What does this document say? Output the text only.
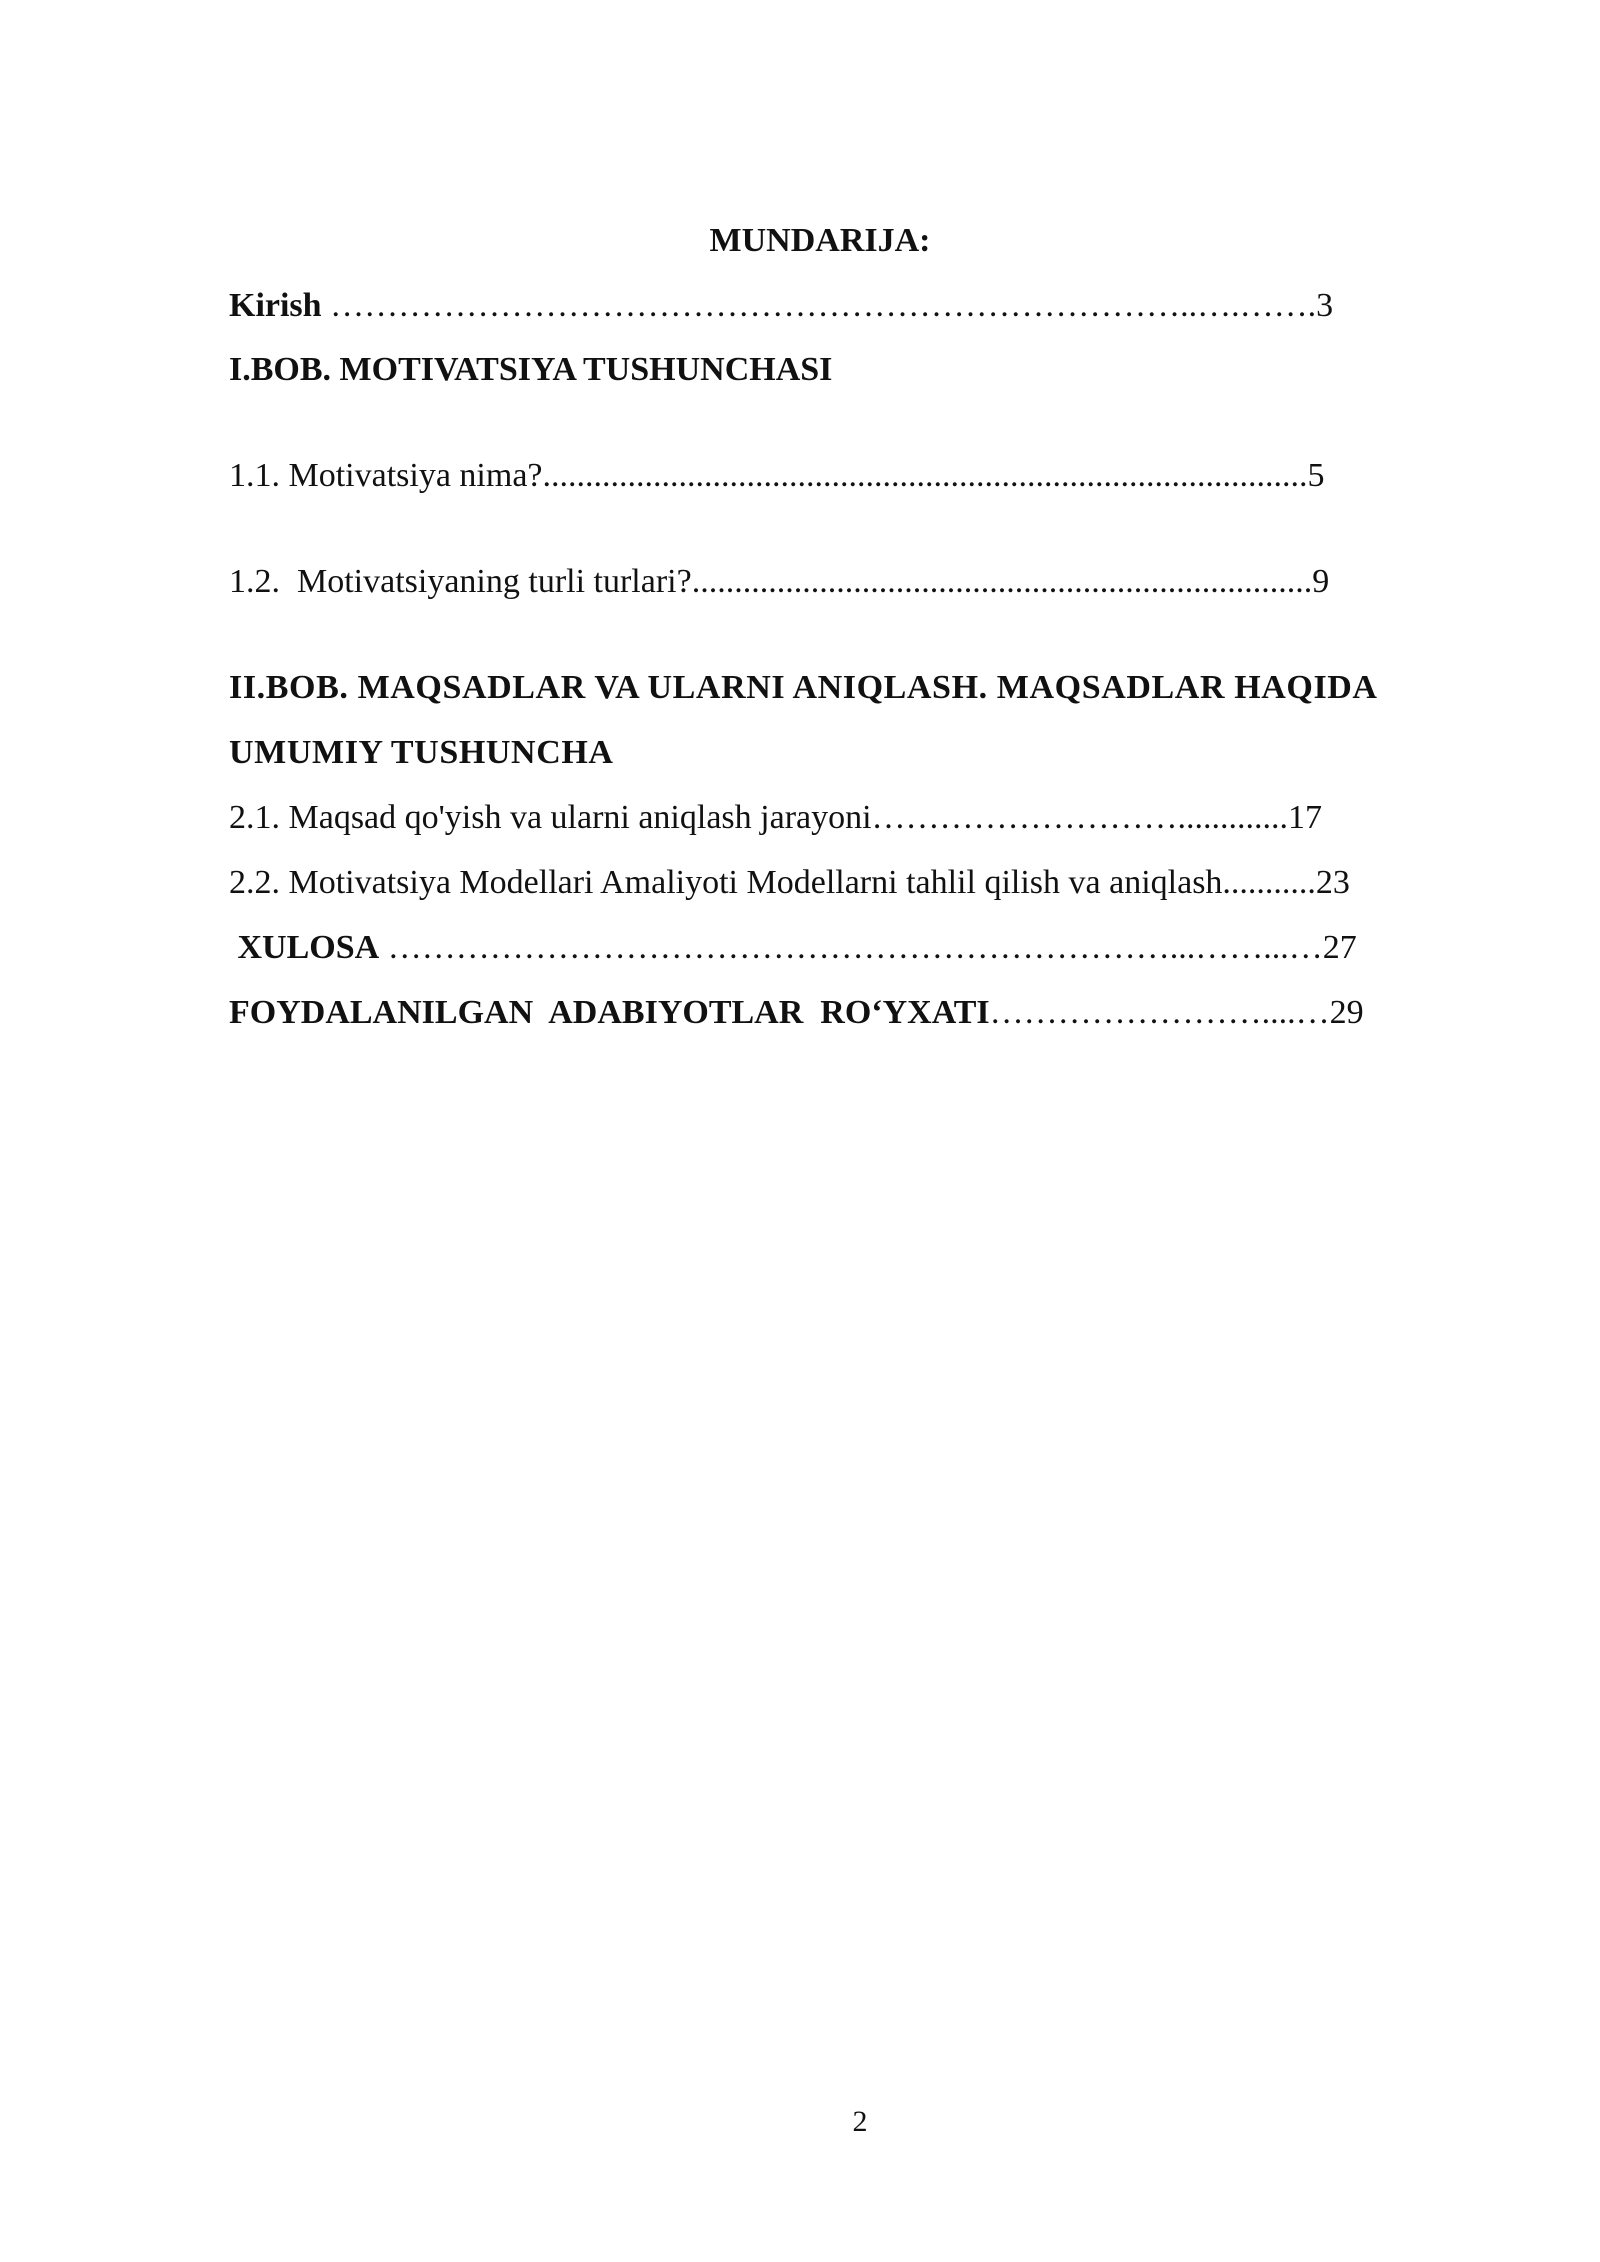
MUNDARIJA:
Kirish …………………………………………………………………..….…….3
I.BOB. MOTIVATSIYA TUSHUNCHASI
1.1. Motivatsiya nima?..........................................................................................5
1.2.  Motivatsiyaning turli turlari?.........................................................................9
II.BOB. MAQSADLAR VA ULARNI ANIQLASH. MAQSADLAR HAQIDA
UMUMIY TUSHUNCHA
2.1. Maqsad qo'yish va ularni aniqlash jarayoni……………………….............17
2.2. Motivatsiya Modellari Amaliyoti Modellarni tahlil qilish va aniqlash...........23
XULOSA ……………………………………………………………...……...…27
FOYDALANILGAN  ADABIYOTLAR  RO‘YXATI……………………....…29
2
